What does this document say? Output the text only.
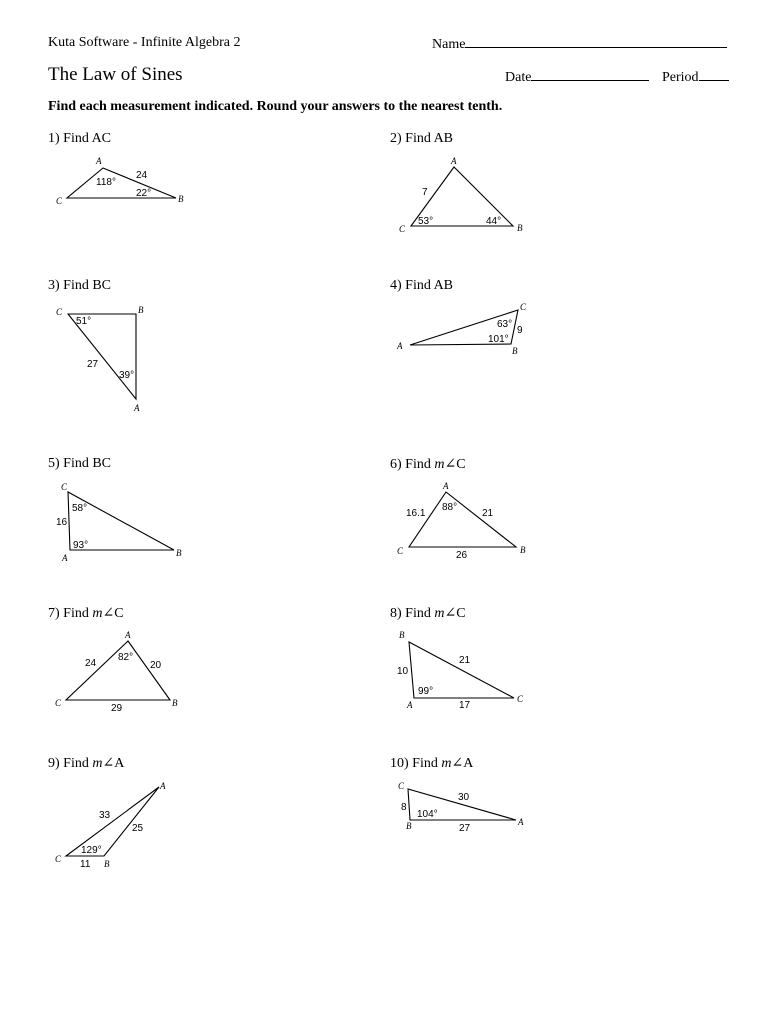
Kuta Software - Infinite Algebra 2	Name
The Law of Sines	Date	Period
Find each measurement indicated. Round your answers to the nearest tenth.
1) Find AC	2) Find AB
3) Find BC	4) Find AB
5) Find BC	6) Find m∠C
7) Find m∠C	8) Find m∠C
9) Find m∠A	10) Find m∠A
A
C	B
118°
24
22°
A
C	B
7
53°	44°
C	B
A
51°
27
39°
C
A	B
63°
9
101°
C
A	B
58°
16
93°
A
C	B
16.1
88°
21
26
A
C	B
24
82°
20
29
B
A
C
21
10
99°
17
A
C	B
33
25
129°
11
C
B	A
30
8
104°
27
